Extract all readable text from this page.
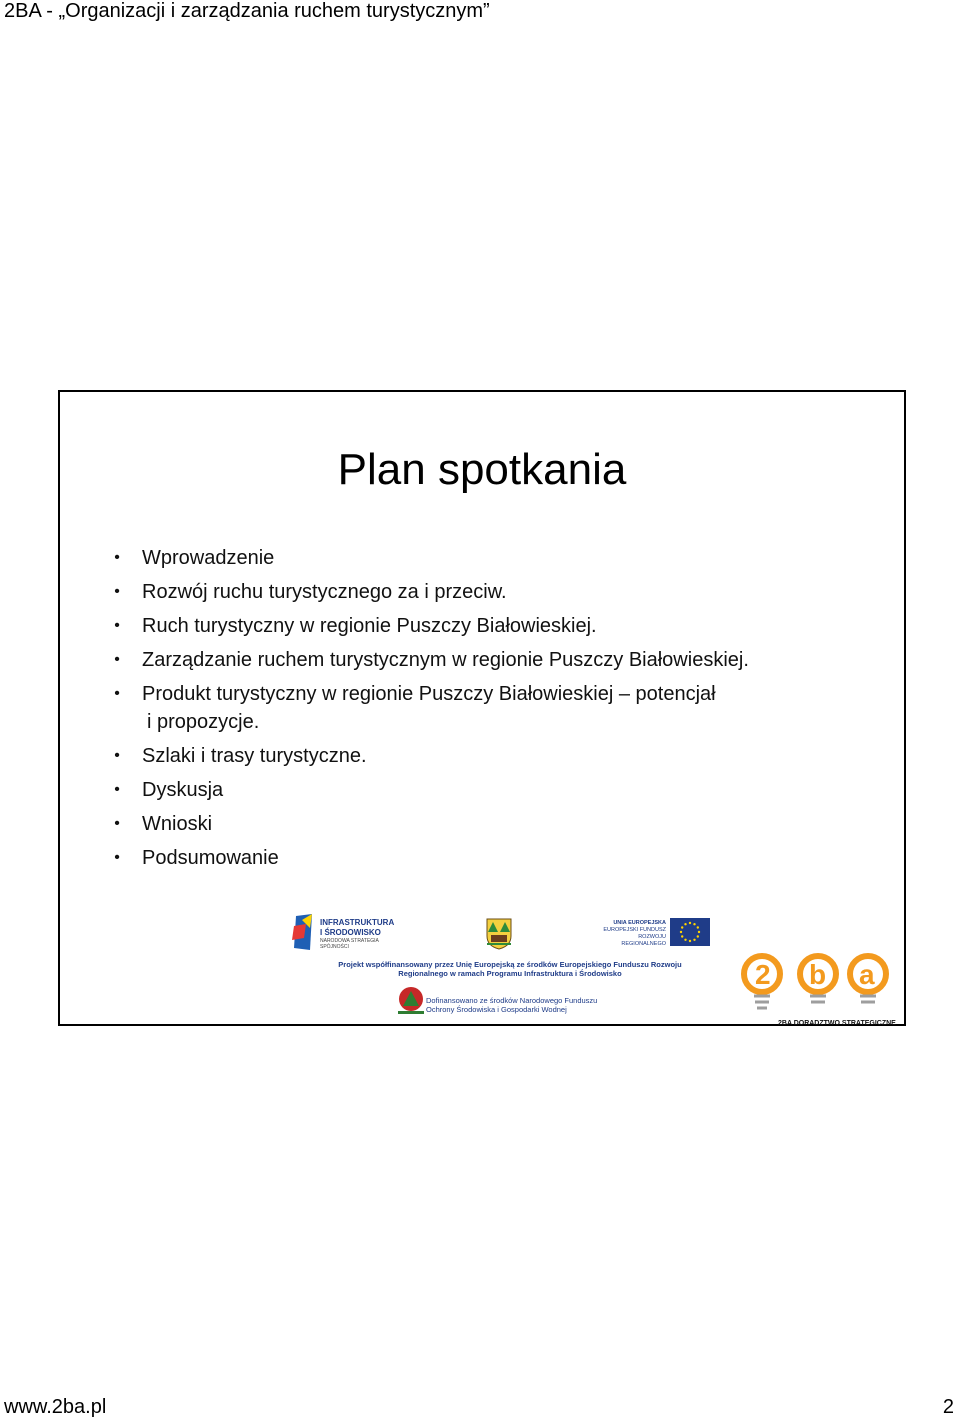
2BA - „Organizacji i zarządzania ruchem turystycznym”
Plan spotkania
• Wprowadzenie
• Rozwój ruchu turystycznego za i przeciw.
• Ruch turystyczny w regionie Puszczy Białowieskiej.
• Zarządzanie ruchem turystycznym w regionie Puszczy Białowieskiej.
• Produkt turystyczny w regionie Puszczy Białowieskiej – potencjał
i propozycje.
• Szlaki i trasy turystyczne.
• Dyskusja
• Wnioski
• Podsumowanie
INFRASTRUKTURA
I ŚRODOWISKO
NARODOWA STRATEGIA SPÓJNOŚCI
UNIA EUROPEJSKA
EUROPEJSKI FUNDUSZ
ROZWOJU REGIONALNEGO
Projekt współfinansowany przez Unię Europejską ze środków Europejskiego Funduszu Rozwoju
Regionalnego w ramach Programu Infrastruktura i Środowisko
Dofinansowano ze środków Narodowego Funduszu
Ochrony Środowiska i Gospodarki Wodnej
2 b a
2BA DORADZTWO STRATEGICZNE
www.2ba.pl	2
